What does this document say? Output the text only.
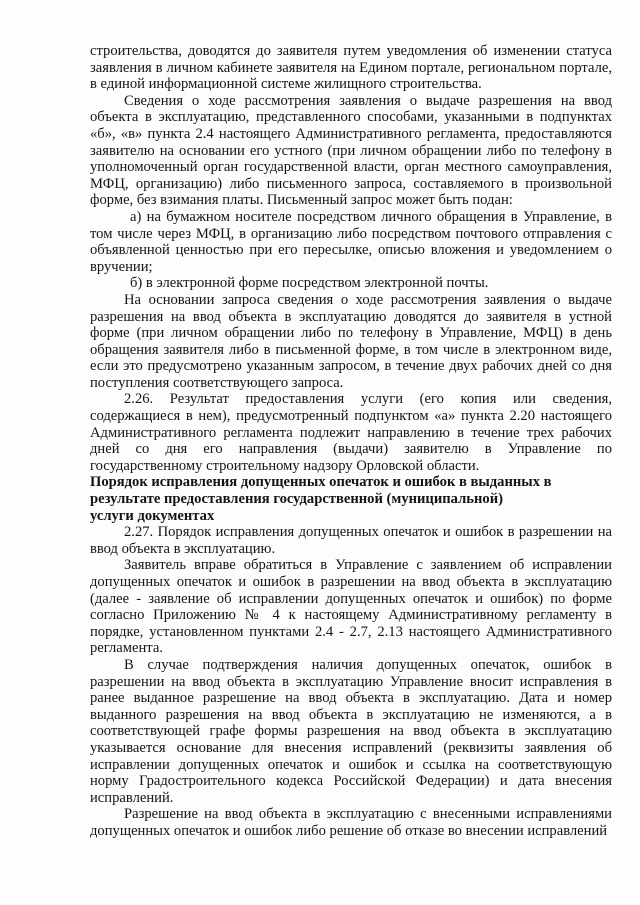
строительства, доводятся до заявителя путем уведомления об изменении статуса заявления в личном кабинете заявителя на Едином портале, региональном портале, в единой информационной системе жилищного строительства.

Сведения о ходе рассмотрения заявления о выдаче разрешения на ввод объекта в эксплуатацию, представленного способами, указанными в подпунктах «б», «в» пункта 2.4 настоящего Административного регламента, предоставляются заявителю на основании его устного (при личном обращении либо по телефону в уполномоченный орган государственной власти, орган местного самоуправления, МФЦ, организацию) либо письменного запроса, составляемого в произвольной форме, без взимания платы. Письменный запрос может быть подан:

а) на бумажном носителе посредством личного обращения в Управление, в том числе через МФЦ, в организацию либо посредством почтового отправления с объявленной ценностью при его пересылке, описью вложения и уведомлением о вручении;

б) в электронной форме посредством электронной почты.

На основании запроса сведения о ходе рассмотрения заявления о выдаче разрешения на ввод объекта в эксплуатацию доводятся до заявителя в устной форме (при личном обращении либо по телефону в Управление, МФЦ) в день обращения заявителя либо в письменной форме, в том числе в электронном виде, если это предусмотрено указанным запросом, в течение двух рабочих дней со дня поступления соответствующего запроса.

2.26. Результат предоставления услуги (его копия или сведения, содержащиеся в нем), предусмотренный подпунктом «а» пункта 2.20 настоящего Административного регламента подлежит направлению в течение трех рабочих дней со дня его направления (выдачи) заявителю в Управление по государственному строительному надзору Орловской области.

Порядок исправления допущенных опечаток и ошибок в выданных в

результате предоставления государственной (муниципальной)

услуги документах

2.27. Порядок исправления допущенных опечаток и ошибок в разрешении на ввод объекта в эксплуатацию.

Заявитель вправе обратиться в Управление с заявлением об исправлении допущенных опечаток и ошибок в разрешении на ввод объекта в эксплуатацию (далее - заявление об исправлении допущенных опечаток и ошибок) по форме согласно Приложению № 4 к настоящему Административному регламенту в порядке, установленном пунктами 2.4 - 2.7, 2.13 настоящего Административного регламента.

В случае подтверждения наличия допущенных опечаток, ошибок в разрешении на ввод объекта в эксплуатацию Управление вносит исправления в ранее выданное разрешение на ввод объекта в эксплуатацию. Дата и номер выданного разрешения на ввод объекта в эксплуатацию не изменяются, а в соответствующей графе формы разрешения на ввод объекта в эксплуатацию указывается основание для внесения исправлений (реквизиты заявления об исправлении допущенных опечаток и ошибок и ссылка на соответствующую норму Градостроительного кодекса Российской Федерации) и дата внесения исправлений.

Разрешение на ввод объекта в эксплуатацию с внесенными исправлениями допущенных опечаток и ошибок либо решение об отказе во внесении исправлений
